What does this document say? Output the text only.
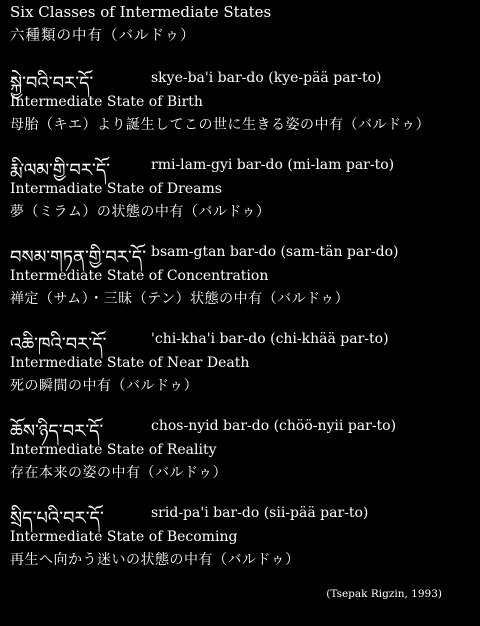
Six Classes of Intermediate States
六種類の中有（バルドゥ）
སྐྱེ་བའི་བར་དོ་	skye-ba'i bar-do (kye-pää par-to)
Intermediate State of Birth
母胎（キエ）より誕生してこの世に生きる姿の中有（バルドゥ）
རྨི་ལམ་གྱི་བར་དོ་	rmi-lam-gyi bar-do (mi-lam par-to)
Intermadiate State of Dreams
夢（ミラム）の状態の中有（バルドゥ）
བསམ་གཏན་གྱི་བར་དོ་ bsam-gtan bar-do (sam-tän par-do)
Intermediate State of Concentration
禅定（サム）・三昧（テン）状態の中有（バルドゥ）
འཆི་ཁའི་བར་དོ་	'chi-kha'i bar-do (chi-khää par-to)
Intermediate State of Near Death
死の瞬間の中有（バルドゥ）
ཆོས་ཉིད་བར་དོ་	chos-nyid bar-do (chöö-nyii par-to)
Intermediate State of Reality
存在本来の姿の中有（バルドゥ）
སྲིད་པའི་བར་དོ་	srid-pa'i bar-do (sii-pää par-to)
Intermediate State of Becoming
再生へ向かう迷いの状態の中有（バルドゥ）
(Tsepak Rigzin, 1993)
